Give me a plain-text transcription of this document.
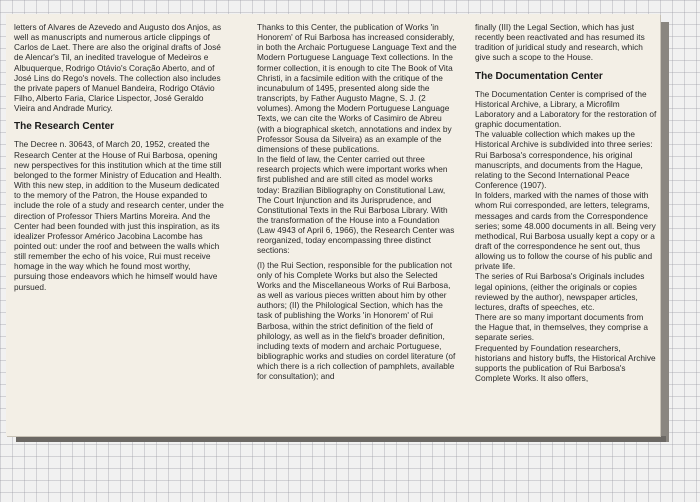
letters of Alvares de Azevedo and Augusto dos Anjos, as well as manuscripts and numerous article clippings of Carlos de Laet. There are also the original drafts of José de Alencar's Til, an inedited travelogue of Medeiros e Albuquerque, Rodrigo Otávio's Coração Aberto, and of José Lins do Rego's novels. The collection also includes the private papers of Manuel Bandeira, Rodrigo Otávio Filho, Alberto Faria, Clarice Lispector, José Geraldo Vieira and Andrade Muricy.

The Research Center

The Decree n. 30643, of March 20, 1952, created the Research Center at the House of Rui Barbosa, opening new perspectives for this institution which at the time still belonged to the former Ministry of Education and Health.

With this new step, in addition to the Museum dedicated to the memory of the Patron, the House expanded to include the role of a study and research center, under the direction of Professor Thiers Martins Moreira. And the Center had been founded with just this inspiration, as its idealizer Professor Américo Jacobina Lacombe has pointed out: under the roof and between the walls which still remember the echo of his voice, Rui must receive homage in the way which he found most worthy, pursuing those endeavors which he himself would have pursued.

Thanks to this Center, the publication of Works 'in Honorem' of Rui Barbosa has increased considerably, in both the Archaic Portuguese Language Text and the Modern Portuguese Language Text collections. In the former collection, it is enough to cite The Book of Vita Christi, in a facsimile edition with the critique of the incunabulum of 1495, presented along side the transcripts, by Father Augusto Magne, S. J. (2 volumes). Among the Modern Portuguese Language Texts, we can cite the Works of Casimiro de Abreu (with a biographical sketch, annotations and index by Professor Sousa da Silveira) as an example of the dimensions of these publications.

In the field of law, the Center carried out three research projects which were important works when first published and are still cited as model works today: Brazilian Bibliography on Constitutional Law, The Court Injunction and its Jurisprudence, and Constitutional Texts in the Rui Barbosa Library. With the transformation of the House into a Foundation (Law 4943 of April 6, 1966), the Research Center was reorganized, today encompassing three distinct sections:

(I) the Rui Section, responsible for the publication not only of his Complete Works but also the Selected Works and the Miscellaneous Works of Rui Barbosa, as well as various pieces written about him by other authors; (II) the Philological Section, which has the task of publishing the Works 'in Honorem' of Rui Barbosa, within the strict definition of the field of philology, as well as in the field's broader definition, including texts of modern and archaic Portuguese, bibliographic works and studies on cordel literature (of which there is a rich collection of pamphlets, available for consultation); and

finally (III) the Legal Section, which has just recently been reactivated and has resumed its tradition of juridical study and research, which give such a scope to the House.

The Documentation Center

The Documentation Center is comprised of the Historical Archive, a Library, a Microfilm Laboratory and a Laboratory for the restoration of graphic documentation.

The valuable collection which makes up the Historical Archive is subdivided into three series: Rui Barbosa's correspondence, his original manuscripts, and documents from the Hague, relating to the Second International Peace Conference (1907).

In folders, marked with the names of those with whom Rui corresponded, are letters, telegrams, messages and cards from the Correspondence series; some 48.000 documents in all. Being very methodical, Rui Barbosa usually kept a copy or a draft of the correspondence he sent out, thus allowing us to follow the course of his public and private life.

The series of Rui Barbosa's Originals includes legal opinions, (either the originals or copies reviewed by the author), newspaper articles, lectures, drafts of speeches, etc.

There are so many important documents from the Hague that, in themselves, they comprise a separate series.

Frequented by Foundation researchers, historians and history buffs, the Historical Archive supports the publication of Rui Barbosa's Complete Works. It also offers,
